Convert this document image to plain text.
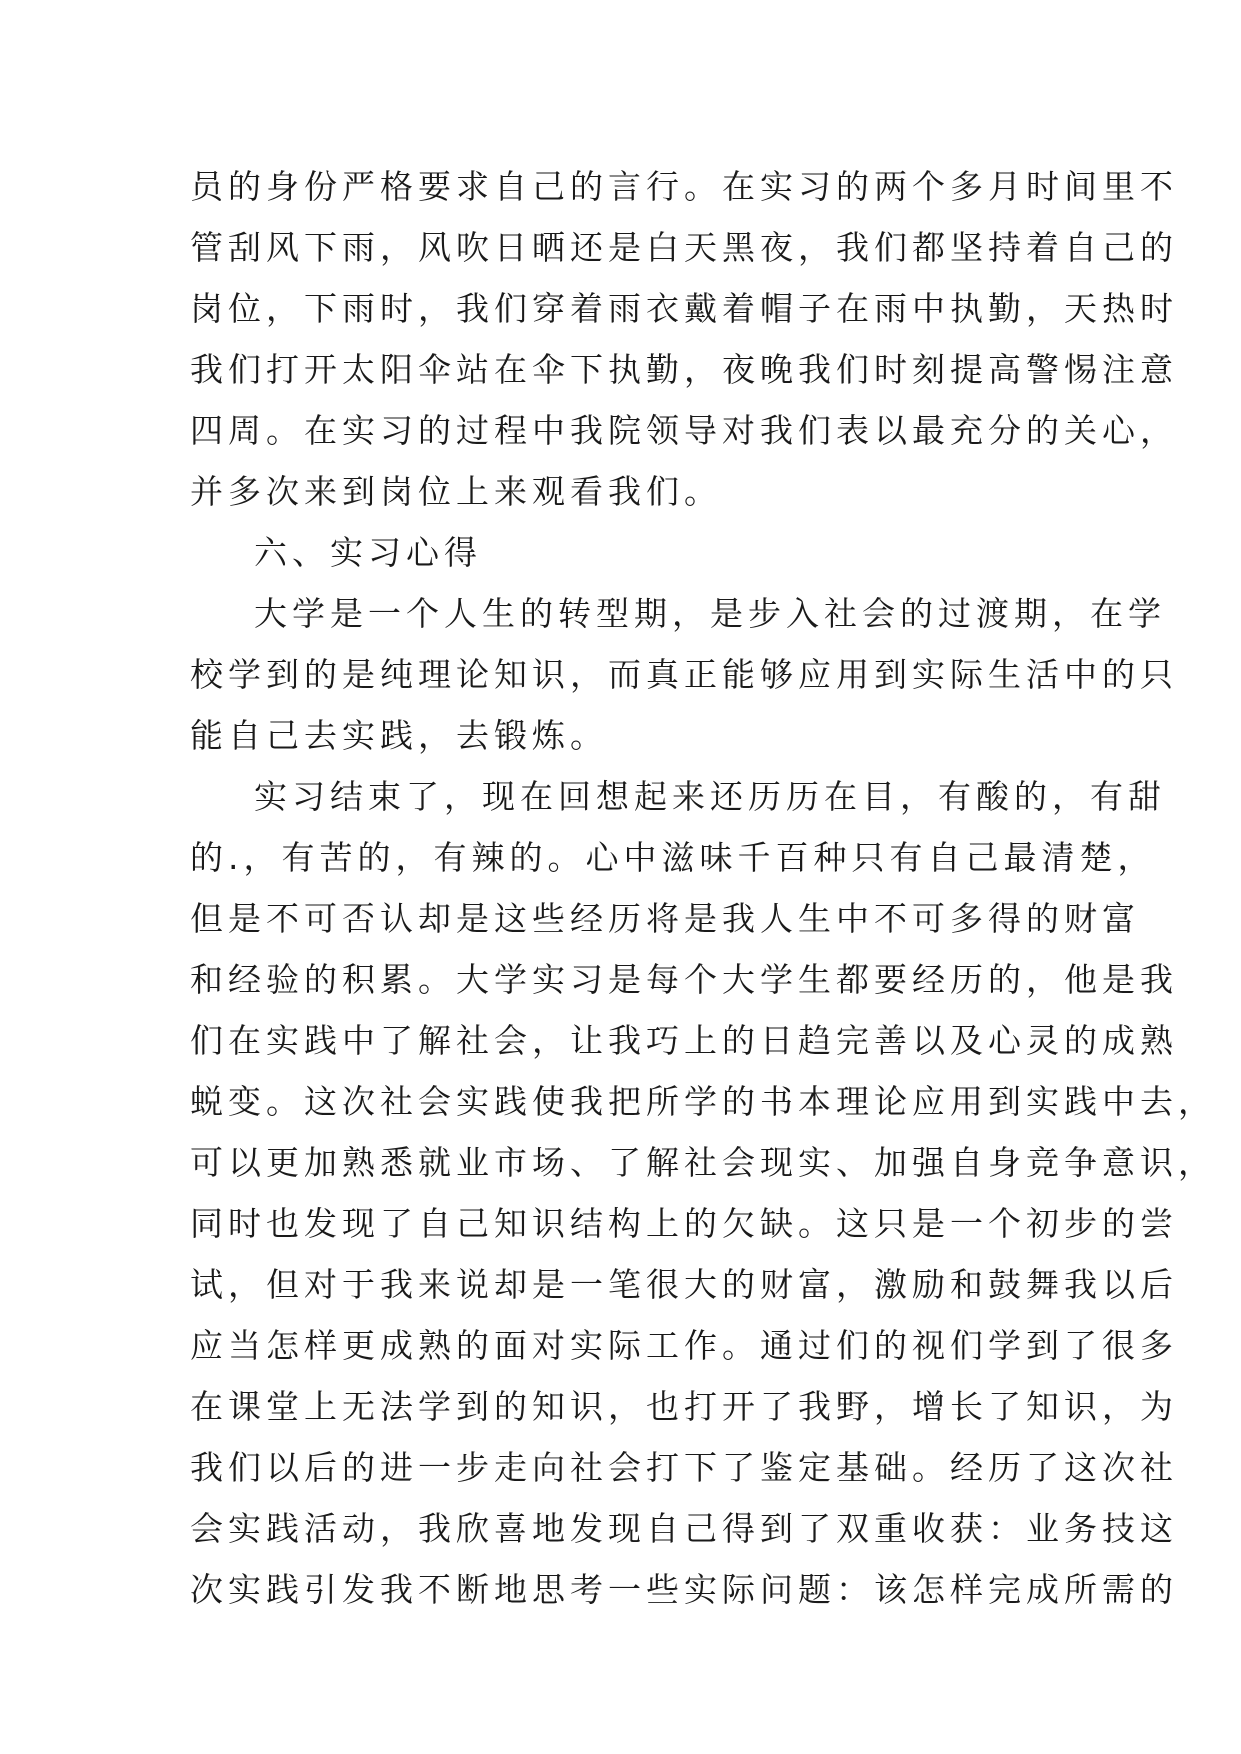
员的身份严格要求自己的言行。在实习的两个多月时间里不
管刮风下雨，风吹日晒还是白天黑夜，我们都坚持着自己的
岗位，下雨时，我们穿着雨衣戴着帽子在雨中执勤，天热时
我们打开太阳伞站在伞下执勤，夜晚我们时刻提高警惕注意
四周。在实习的过程中我院领导对我们表以最充分的关心，
并多次来到岗位上来观看我们。
六、实习心得
大学是一个人生的转型期，是步入社会的过渡期，在学
校学到的是纯理论知识，而真正能够应用到实际生活中的只
能自己去实践，去锻炼。
实习结束了，现在回想起来还历历在目，有酸的，有甜
的.，有苦的，有辣的。心中滋味千百种只有自己最清楚，
但是不可否认却是这些经历将是我人生中不可多得的财富
和经验的积累。大学实习是每个大学生都要经历的，他是我
们在实践中了解社会，让我巧上的日趋完善以及心灵的成熟
蜕变。这次社会实践使我把所学的书本理论应用到实践中去，
可以更加熟悉就业市场、了解社会现实、加强自身竞争意识，
同时也发现了自己知识结构上的欠缺。这只是一个初步的尝
试，但对于我来说却是一笔很大的财富，激励和鼓舞我以后
应当怎样更成熟的面对实际工作。通过们的视们学到了很多
在课堂上无法学到的知识，也打开了我野，增长了知识，为
我们以后的进一步走向社会打下了鉴定基础。经历了这次社
会实践活动，我欣喜地发现自己得到了双重收获：业务技这
次实践引发我不断地思考一些实际问题：该怎样完成所需的
